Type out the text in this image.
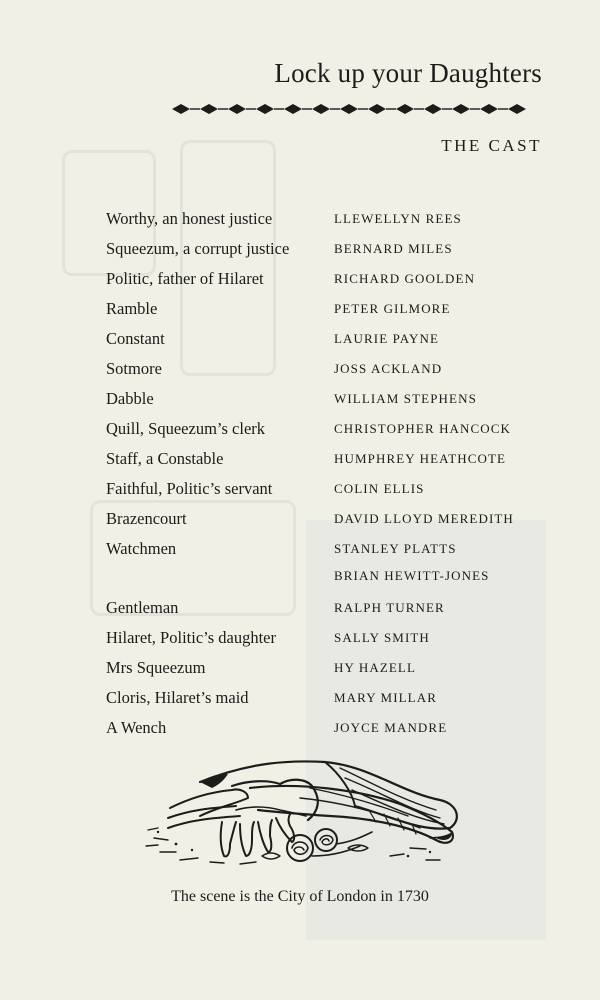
Lock up your Daughters
THE CAST
Worthy, an honest justice	LLEWELLYN REES
Squeezum, a corrupt justice	BERNARD MILES
Politic, father of Hilaret	RICHARD GOOLDEN
Ramble	PETER GILMORE
Constant	LAURIE PAYNE
Sotmore	JOSS ACKLAND
Dabble	WILLIAM STEPHENS
Quill, Squeezum’s clerk	CHRISTOPHER HANCOCK
Staff, a Constable	HUMPHREY HEATHCOTE
Faithful, Politic’s servant	COLIN ELLIS
Brazencourt	DAVID LLOYD MEREDITH
Watchmen	STANLEY PLATTS
BRIAN HEWITT-JONES
Gentleman	RALPH TURNER
Hilaret, Politic’s daughter	SALLY SMITH
Mrs Squeezum	HY HAZELL
Cloris, Hilaret’s maid	MARY MILLAR
A Wench	JOYCE MANDRE
The scene is the City of London in 1730
